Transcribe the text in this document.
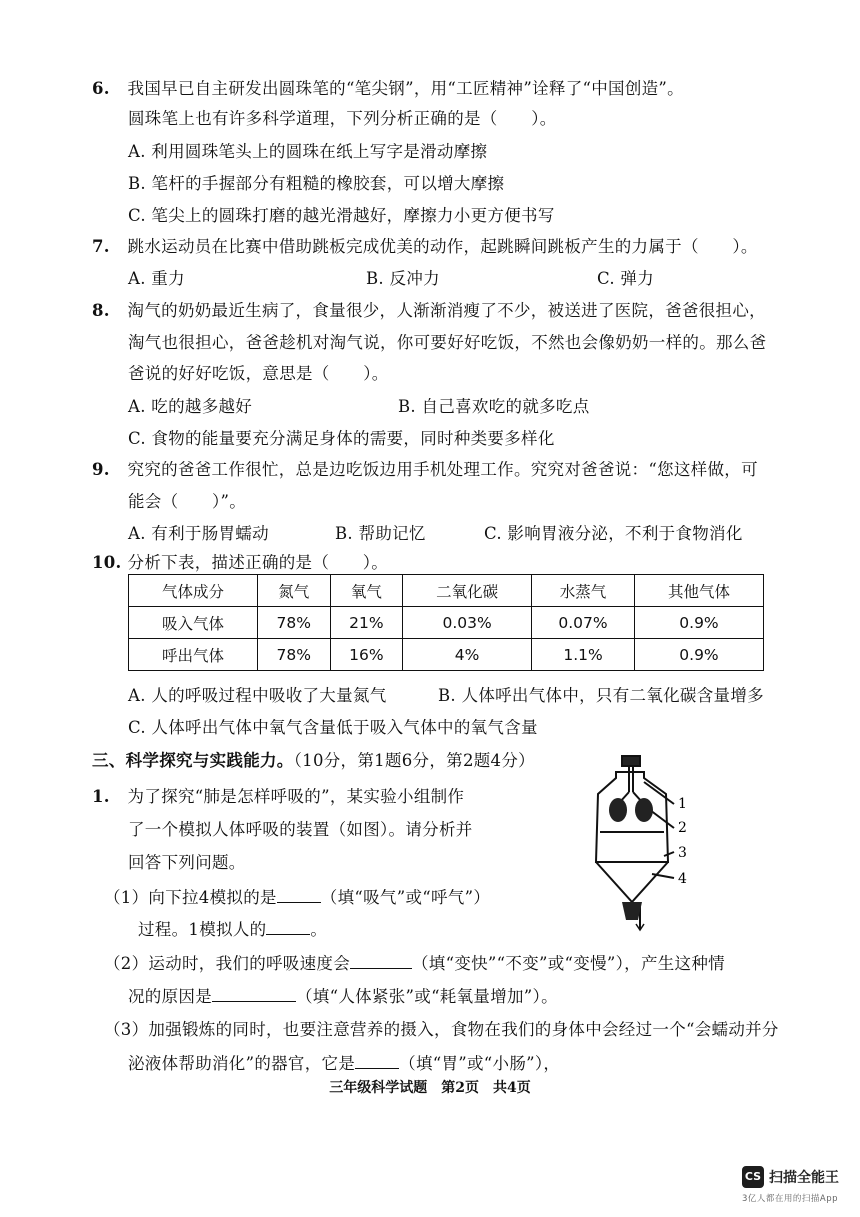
6. 我国早已自主研发出圆珠笔的“笔尖钢”，用“工匠精神”诠释了“中国创造”。
圆珠笔上也有许多科学道理，下列分析正确的是（　　）。
A. 利用圆珠笔头上的圆珠在纸上写字是滑动摩擦
B. 笔杆的手握部分有粗糙的橡胶套，可以增大摩擦
C. 笔尖上的圆珠打磨的越光滑越好，摩擦力小更方便书写
7. 跳水运动员在比赛中借助跳板完成优美的动作，起跳瞬间跳板产生的力属于（　　）。
A. 重力	B. 反冲力	C. 弹力
8. 淘气的奶奶最近生病了，食量很少，人渐渐消瘦了不少，被送进了医院，爸爸很担心，
淘气也很担心，爸爸趁机对淘气说，你可要好好吃饭，不然也会像奶奶一样的。那么爸
爸说的好好吃饭，意思是（　　）。
A. 吃的越多越好	B. 自己喜欢吃的就多吃点
C. 食物的能量要充分满足身体的需要，同时种类要多样化
9. 究究的爸爸工作很忙，总是边吃饭边用手机处理工作。究究对爸爸说：“您这样做，可
能会（　　）”。
A. 有利于肠胃蠕动	B. 帮助记忆	C. 影响胃液分泌，不利于食物消化
10. 分析下表，描述正确的是（　　）。
气体成分	氮气	氧气	二氧化碳	水蒸气	其他气体
吸入气体	78%	21%	0.03%	0.07%	0.9%
呼出气体	78%	16%	4%	1.1%	0.9%
A. 人的呼吸过程中吸收了大量氮气	B. 人体呼出气体中，只有二氧化碳含量增多
C. 人体呼出气体中氧气含量低于吸入气体中的氧气含量
三、科学探究与实践能力。（10分，第1题6分，第2题4分）
1. 为了探究“肺是怎样呼吸的”，某实验小组制作
了一个模拟人体呼吸的装置（如图）。请分析并
回答下列问题。
（1）向下拉4模拟的是	（填“吸气”或“呼气”）
过程。1模拟人的	。
（2）运动时，我们的呼吸速度会	（填“变快”“不变”或“变慢”），产生这种情
况的原因是	（填“人体紧张”或“耗氧量增加”）。
（3）加强锻炼的同时，也要注意营养的摄入，食物在我们的身体中会经过一个“会蠕动并分
泌液体帮助消化”的器官，它是	（填“胃”或“小肠”），
1
2
3
4
三年级科学试题　第2页　共4页
CS 扫描全能王
3亿人都在用的扫描App
